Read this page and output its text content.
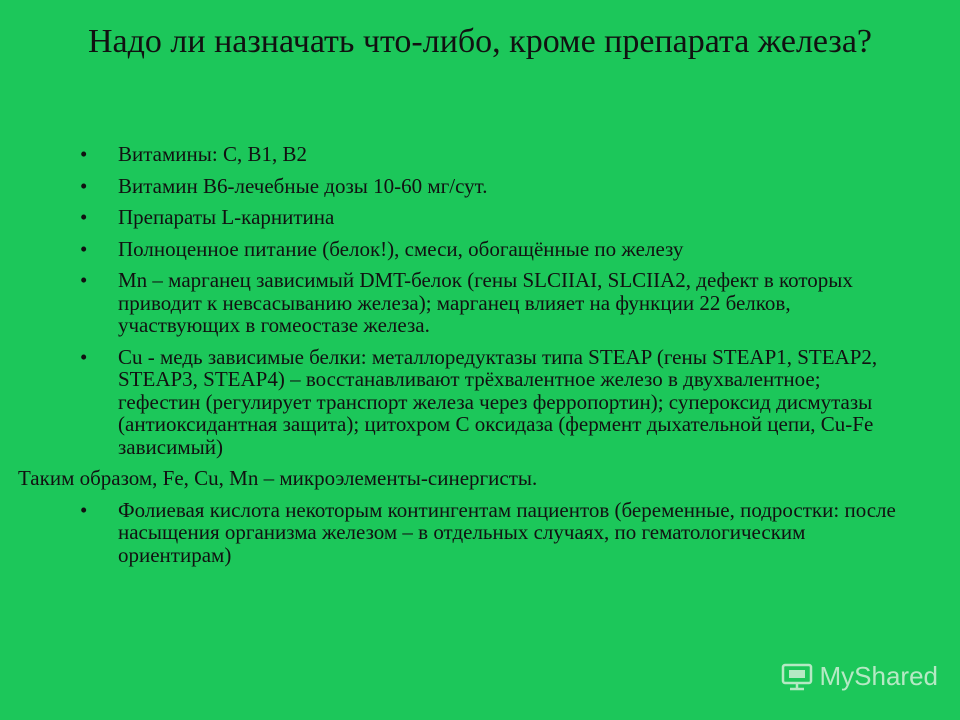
Надо ли назначать что-либо, кроме препарата железа?
•	Витамины: С, В1, В2
•	Витамин В6-лечебные дозы 10-60 мг/сут.
•	Препараты L-карнитина
•	Полноценное питание (белок!), смеси, обогащённые по железу
•	Mn – марганец зависимый DMT-белок (гены SLCIIAI, SLCIIA2, дефект в которых приводит к невсасыванию железа); марганец влияет на функции 22 белков, участвующих в гомеостазе железа.
•	Cu - медь зависимые белки: металлоредуктазы типа STEAP (гены STEAP1, STEAP2, STEAP3, STEAP4) – восстанавливают трёхвалентное железо в двухвалентное; гефестин (регулирует транспорт железа через ферропортин); супероксид дисмутазы (антиоксидантная защита); цитохром С оксидаза (фермент дыхательной цепи, Cu-Fe зависимый)
Таким образом, Fe, Cu, Mn – микроэлементы-синергисты.
•	Фолиевая кислота некоторым контингентам пациентов (беременные, подростки: после насыщения организма железом – в отдельных случаях, по гематологическим ориентирам)
MyShared
